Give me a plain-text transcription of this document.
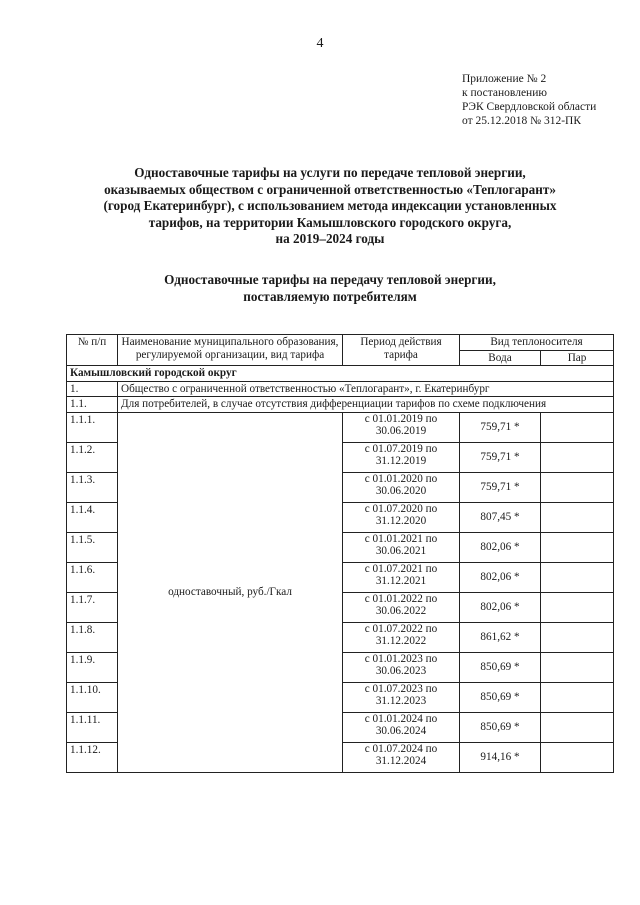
4
Приложение № 2
к постановлению
РЭК Свердловской области
от 25.12.2018 № 312-ПК
Одноставочные тарифы на услуги по передаче тепловой энергии,
оказываемых обществом с ограниченной ответственностью «Теплогарант»
(город Екатеринбург), с использованием метода индексации установленных
тарифов, на территории Камышловского городского округа,
на 2019–2024 годы
Одноставочные тарифы на передачу тепловой энергии,
поставляемую потребителям
№ п/п	Наименование муниципального образования, регулируемой организации, вид тарифа	Период действия тарифа	Вид теплоносителя	
			Вода	Пар
Камышловский городской округ				
1.	Общество с ограниченной ответственностью «Теплогарант», г. Екатеринбург			
1.1.	Для потребителей, в случае отсутствия дифференциации тарифов по схеме подключения			
1.1.1.	одноставочный, руб./Гкал	с 01.01.2019 по
30.06.2019	759,71 *	
1.1.2.		с 01.07.2019 по
31.12.2019	759,71 *	
1.1.3.		с 01.01.2020 по
30.06.2020	759,71 *	
1.1.4.		с 01.07.2020 по
31.12.2020	807,45 *	
1.1.5.		с 01.01.2021 по
30.06.2021	802,06 *	
1.1.6.		с 01.07.2021 по
31.12.2021	802,06 *	
1.1.7.		с 01.01.2022 по
30.06.2022	802,06 *	
1.1.8.		с 01.07.2022 по
31.12.2022	861,62 *	
1.1.9.		с 01.01.2023 по
30.06.2023	850,69 *	
1.1.10.		с 01.07.2023 по
31.12.2023	850,69 *	
1.1.11.		с 01.01.2024 по
30.06.2024	850,69 *	
1.1.12.		с 01.07.2024 по
31.12.2024	914,16 *	
